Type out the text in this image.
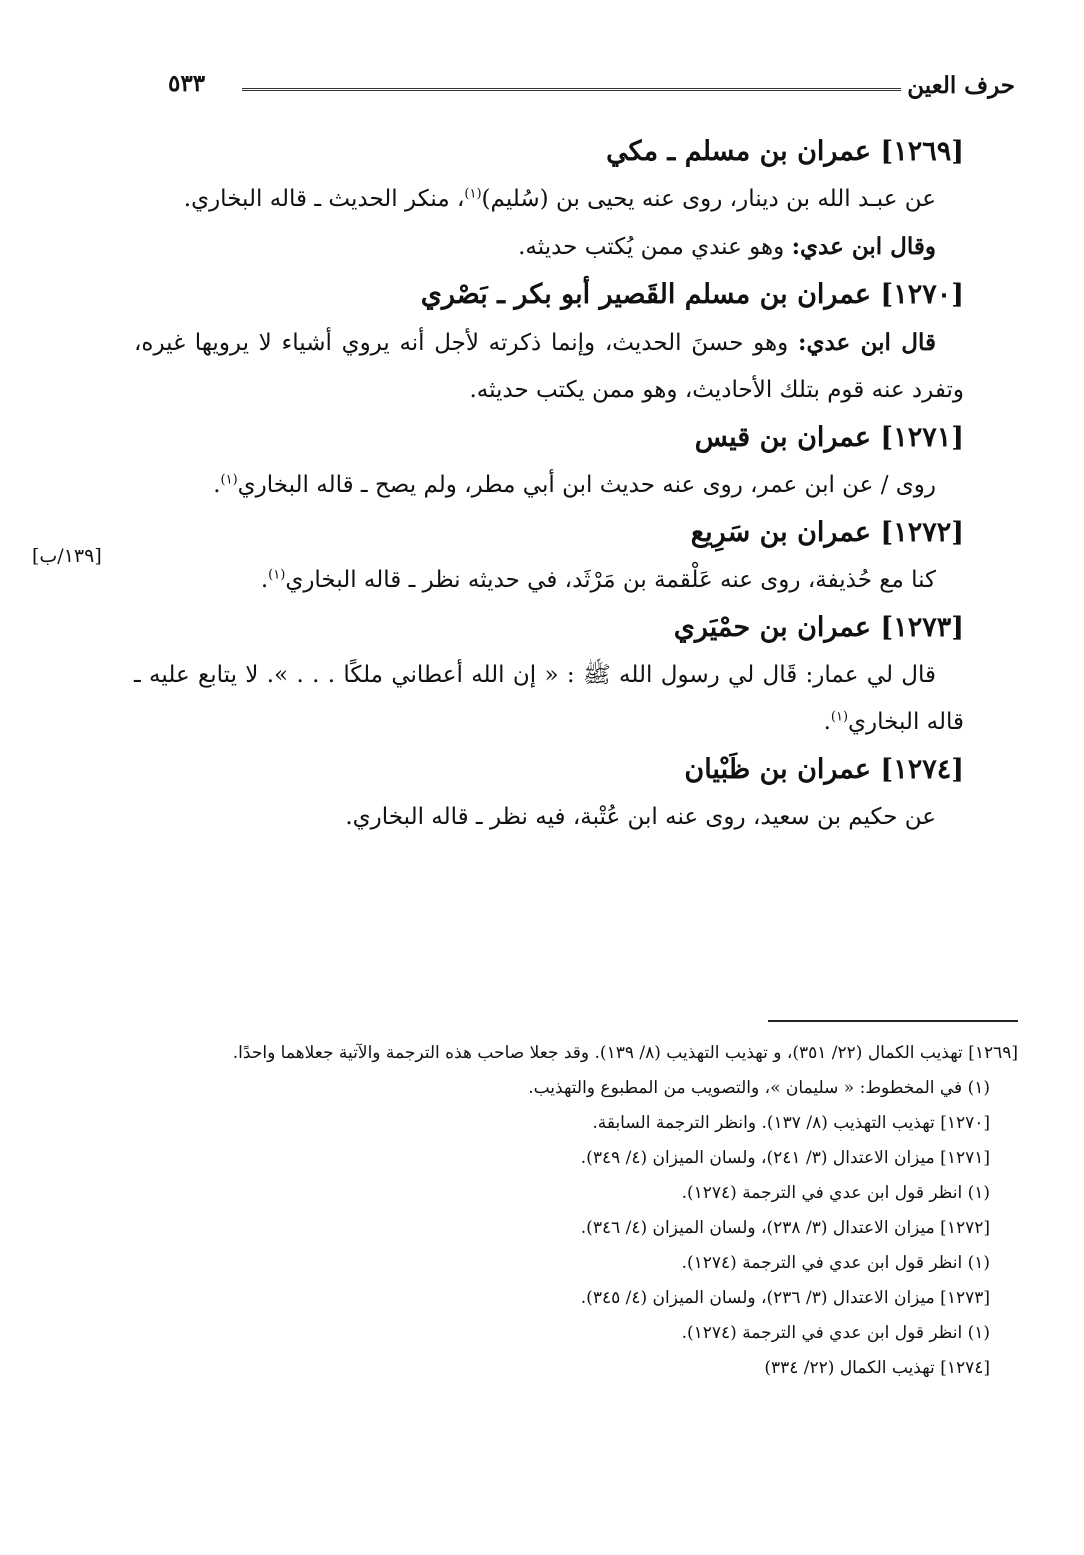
حرف العين
٥٣٣
[١٢٦٩] عمران بن مسلم ـ مكي

عن عبـد الله بن دينار، روى عنه يحيى بن (سُليم)$^{(١)}$، منكر الحديث ـ قاله البخاري.

وقال ابن عدي: وهو عندي ممن يُكتب حديثه.

[١٢٧٠] عمران بن مسلم القَصير أبو بكر ـ بَصْري

قال ابن عدي: وهو حسنَ الحديث، وإنما ذكرته لأجل أنه يروي أشياء لا يرويها غيره، وتفرد عنه قوم بتلك الأحاديث، وهو ممن يكتب حديثه.

[١٢٧١] عمران بن قيس

روى / عن ابن عمر، روى عنه حديث ابن أبي مطر، ولم يصح ـ قاله البخاري$^{(١)}$.

[١٢٧٢] عمران بن سَرِيع

كنا مع حُذيفة، روى عنه عَلْقمة بن مَرْثَد، في حديثه نظر ـ قاله البخاري$^{(١)}$.

[١٢٧٣] عمران بن حمْيَري

قال لي عمار: قَال لي رسول الله ﷺ : « إن الله أعطاني ملكًا . . . ». لا يتابع عليه ـ قاله البخاري$^{(١)}$.

[١٢٧٤] عمران بن ظَبْيان

عن حكيم بن سعيد، روى عنه ابن عُتْبة، فيه نظر ـ قاله البخاري.

[١٣٩/ب]
[١٢٦٩] تهذيب الكمال (٢٢/ ٣٥١)، و تهذيب التهذيب (٨/ ١٣٩). وقد جعلا صاحب هذه الترجمة والآتية جعلاهما واحدًا.
(١) في المخطوط: « سليمان »، والتصويب من المطبوع والتهذيب.
[١٢٧٠] تهذيب التهذيب (٨/ ١٣٧). وانظر الترجمة السابقة.
[١٢٧١] ميزان الاعتدال (٣/ ٢٤١)، ولسان الميزان (٤/ ٣٤٩).
(١) انظر قول ابن عدي في الترجمة (١٢٧٤).
[١٢٧٢] ميزان الاعتدال (٣/ ٢٣٨)، ولسان الميزان (٤/ ٣٤٦).
(١) انظر قول ابن عدي في الترجمة (١٢٧٤).
[١٢٧٣] ميزان الاعتدال (٣/ ٢٣٦)، ولسان الميزان (٤/ ٣٤٥).
(١) انظر قول ابن عدي في الترجمة (١٢٧٤).
[١٢٧٤] تهذيب الكمال (٢٢/ ٣٣٤)
